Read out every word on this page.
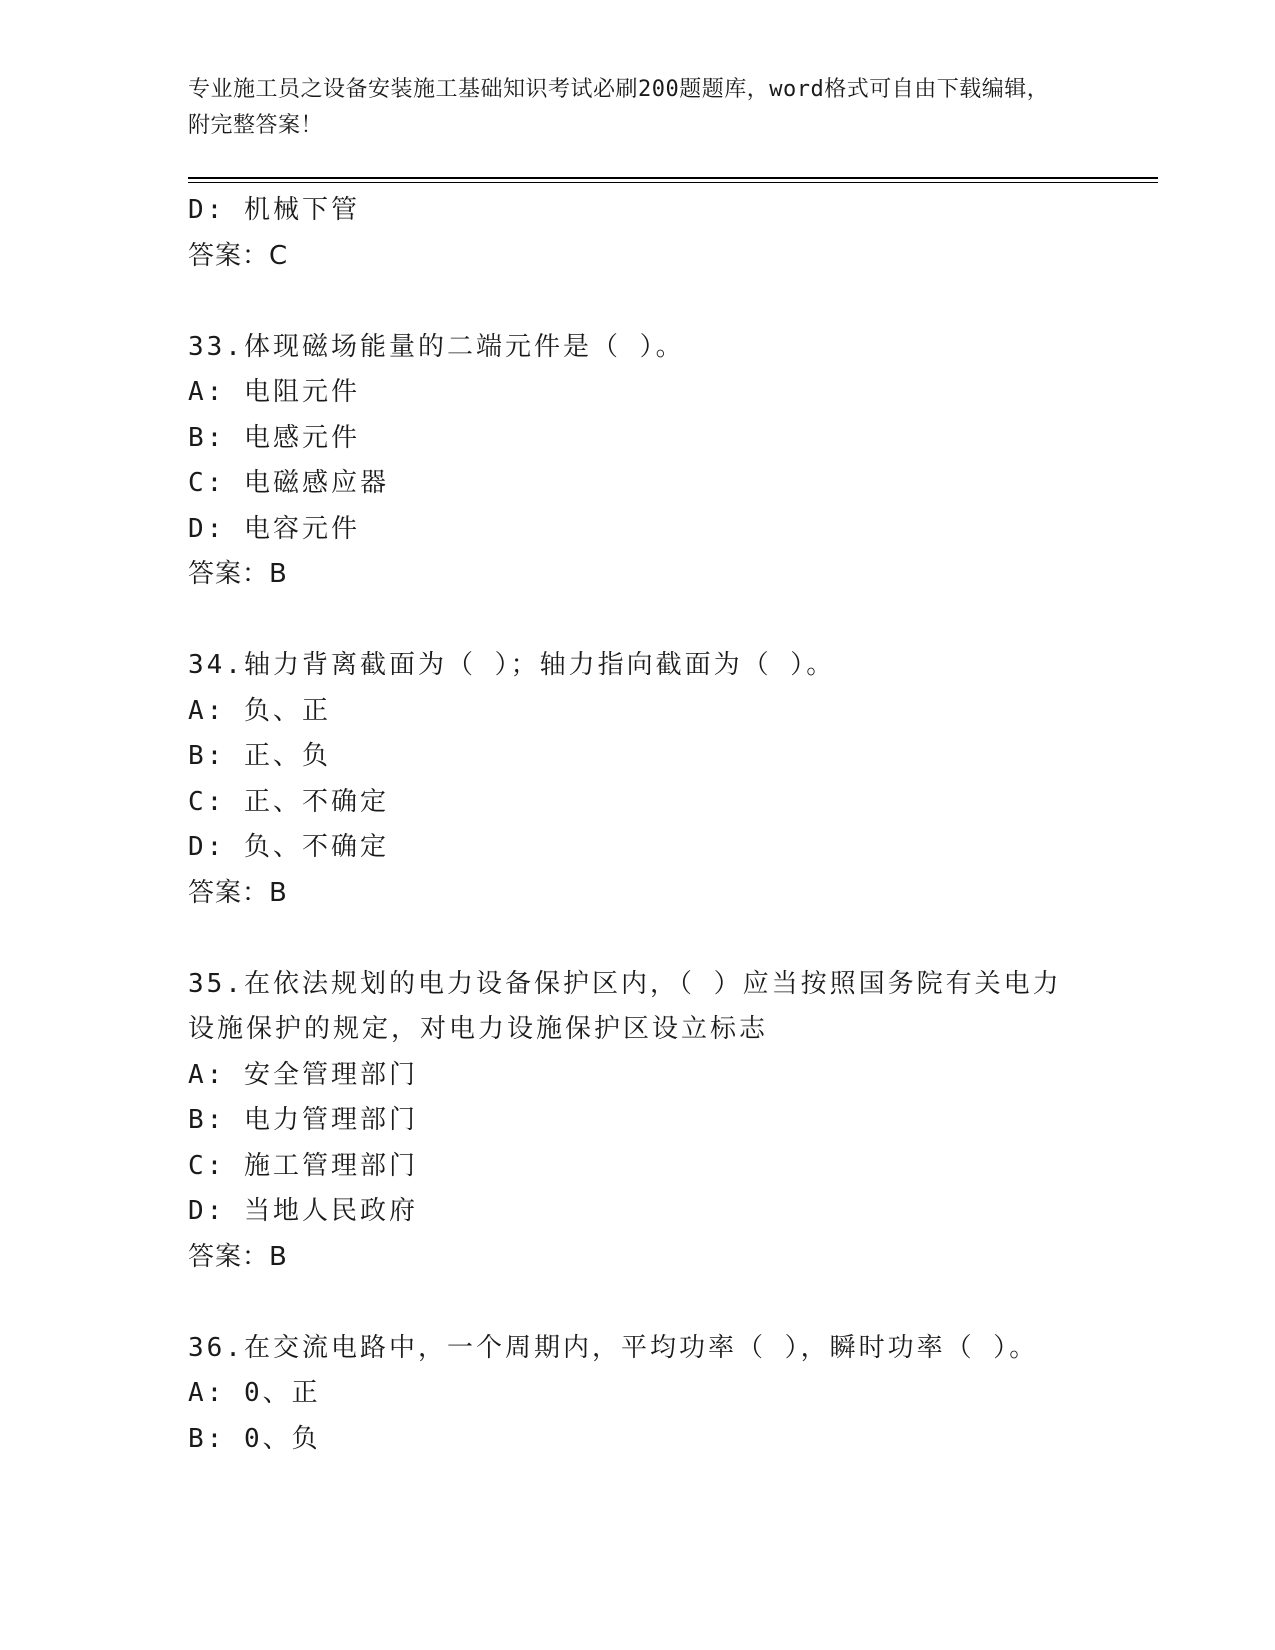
专业施工员之设备安装施工基础知识考试必刷200题题库，word格式可自由下载编辑，附完整答案！
D: 机械下管
答案：C
33.体现磁场能量的二端元件是（ ）。
A: 电阻元件
B: 电感元件
C: 电磁感应器
D: 电容元件
答案：B
34.轴力背离截面为（ ）；轴力指向截面为（ ）。
A: 负、正
B: 正、负
C: 正、不确定
D: 负、不确定
答案：B
35.在依法规划的电力设备保护区内，（ ）应当按照国务院有关电力
设施保护的规定，对电力设施保护区设立标志
A: 安全管理部门
B: 电力管理部门
C: 施工管理部门
D: 当地人民政府
答案：B
36.在交流电路中，一个周期内，平均功率（ ），瞬时功率（ ）。
A: 0、正
B: 0、负
